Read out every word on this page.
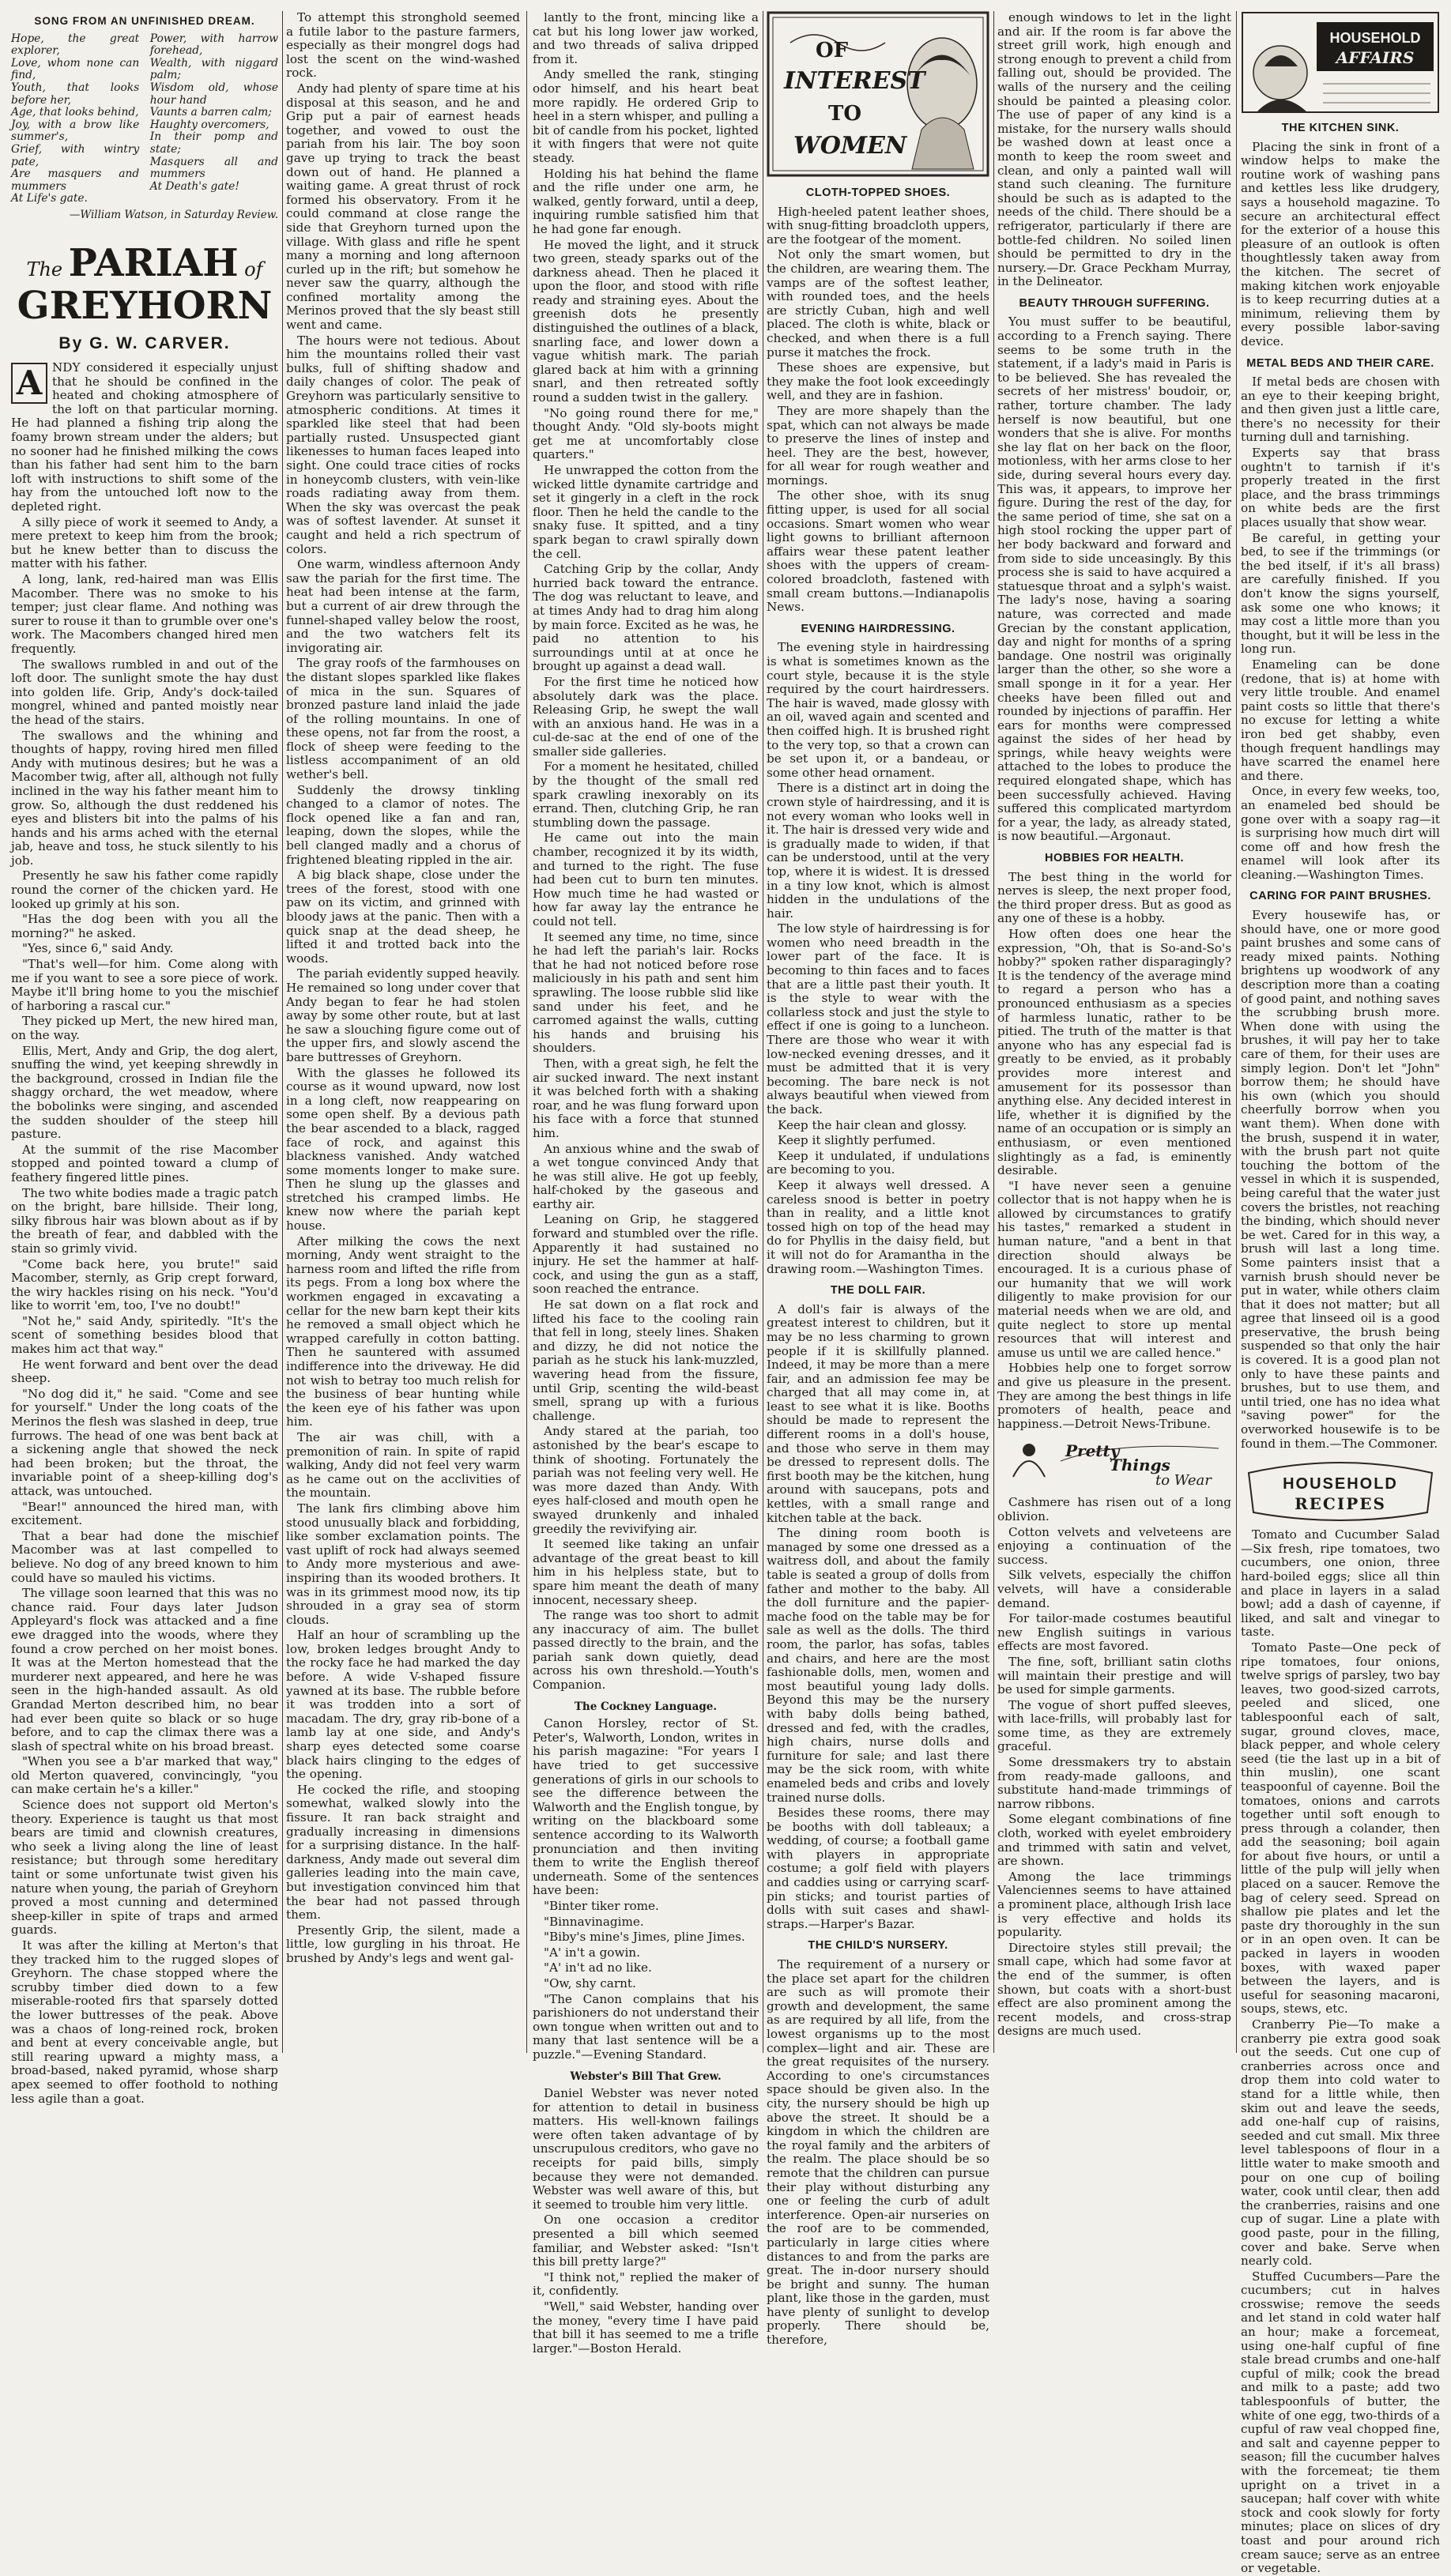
SONG FROM AN UNFINISHED DREAM.
Hope, the great explorer,
Love, whom none can find,
Youth, that looks before her,
Age, that looks behind,
Joy, with a brow like summer's,
Grief, with wintry pate,
Are masquers and mummers
At Life's gate.
Power, with harrow forehead,
Wealth, with niggard palm;
Wisdom old, whose hour hand
Vaunts a barren calm;
Haughty overcomers,
In their pomp and state;
Masquers all and mummers
At Death's gate!
—William Watson, in Saturday Review.
The PARIAH of
GREYHORN
By G. W. CARVER.
A NDY considered it especially unjust that he should be confined in the heated and choking atmosphere of the loft on that particular morning. He had planned a fishing trip along the foamy brown stream under the alders; but no sooner had he finished milking the cows than his father had sent him to the barn loft with instructions to shift some of the hay from the untouched loft now to the depleted right.

A silly piece of work it seemed to Andy, a mere pretext to keep him from the brook; but he knew better than to discuss the matter with his father.

A long, lank, red-haired man was Ellis Macomber. There was no smoke to his temper; just clear flame. And nothing was surer to rouse it than to grumble over one's work. The Macombers changed hired men frequently.

The swallows rumbled in and out of the loft door. The sunlight smote the hay dust into golden life. Grip, Andy's dock-tailed mongrel, whined and panted moistly near the head of the stairs.

The swallows and the whining and thoughts of happy, roving hired men filled Andy with mutinous desires; but he was a Macomber twig, after all, although not fully inclined in the way his father meant him to grow. So, although the dust reddened his eyes and blisters bit into the palms of his hands and his arms ached with the eternal jab, heave and toss, he stuck silently to his job.

Presently he saw his father come rapidly round the corner of the chicken yard. He looked up grimly at his son.

"Has the dog been with you all the morning?" he asked.

"Yes, since 6," said Andy.

"That's well—for him. Come along with me if you want to see a sore piece of work. Maybe it'll bring home to you the mischief of harboring a rascal cur."

They picked up Mert, the new hired man, on the way.

Ellis, Mert, Andy and Grip, the dog alert, snuffing the wind, yet keeping shrewdly in the background, crossed in Indian file the shaggy orchard, the wet meadow, where the bobolinks were singing, and ascended the sudden shoulder of the steep hill pasture.

At the summit of the rise Macomber stopped and pointed toward a clump of feathery fingered little pines.

The two white bodies made a tragic patch on the bright, bare hillside. Their long, silky fibrous hair was blown about as if by the breath of fear, and dabbled with the stain so grimly vivid.

"Come back here, you brute!" said Macomber, sternly, as Grip crept forward, the wiry hackles rising on his neck. "You'd like to worrit 'em, too, I've no doubt!"

"Not he," said Andy, spiritedly. "It's the scent of something besides blood that makes him act that way."

He went forward and bent over the dead sheep.

"No dog did it," he said. "Come and see for yourself." Under the long coats of the Merinos the flesh was slashed in deep, true furrows. The head of one was bent back at a sickening angle that showed the neck had been broken; but the throat, the invariable point of a sheep-killing dog's attack, was untouched.

"Bear!" announced the hired man, with excitement.

That a bear had done the mischief Macomber was at last compelled to believe. No dog of any breed known to him could have so mauled his victims.

The village soon learned that this was no chance raid. Four days later Judson Appleyard's flock was attacked and a fine ewe dragged into the woods, where they found a crow perched on her moist bones. It was at the Merton homestead that the murderer next appeared, and here he was seen in the high-handed assault. As old Grandad Merton described him, no bear had ever been quite so black or so huge before, and to cap the climax there was a slash of spectral white on his broad breast.

"When you see a b'ar marked that way," old Merton quavered, convincingly, "you can make certain he's a killer."

Science does not support old Merton's theory. Experience is taught us that most bears are timid and clownish creatures, who seek a living along the line of least resistance; but through some hereditary taint or some unfortunate twist given his nature when young, the pariah of Greyhorn proved a most cunning and determined sheep-killer in spite of traps and armed guards.

It was after the killing at Merton's that they tracked him to the rugged slopes of Greyhorn. The chase stopped where the scrubby timber died down to a few miserable-rooted firs that sparsely dotted the lower buttresses of the peak. Above was a chaos of long-reined rock, broken and bent at every conceivable angle, but still rearing upward a mighty mass, a broad-based, naked pyramid, whose sharp apex seemed to offer foothold to nothing less agile than a goat.

To attempt this stronghold seemed a futile labor to the pasture farmers, especially as their mongrel dogs had lost the scent on the wind-washed rock.

Andy had plenty of spare time at his disposal at this season, and he and Grip put a pair of earnest heads together, and vowed to oust the pariah from his lair. The boy soon gave up trying to track the beast down out of hand. He planned a waiting game. A great thrust of rock formed his observatory. From it he could command at close range the side that Greyhorn turned upon the village. With glass and rifle he spent many a morning and long afternoon curled up in the rift; but somehow he never saw the quarry, although the confined mortality among the Merinos proved that the sly beast still went and came.

The hours were not tedious. About him the mountains rolled their vast bulks, full of shifting shadow and daily changes of color. The peak of Greyhorn was particularly sensitive to atmospheric conditions. At times it sparkled like steel that had been partially rusted. Unsuspected giant likenesses to human faces leaped into sight. One could trace cities of rocks in honeycomb clusters, with vein-like roads radiating away from them. When the sky was overcast the peak was of softest lavender. At sunset it caught and held a rich spectrum of colors.

One warm, windless afternoon Andy saw the pariah for the first time. The heat had been intense at the farm, but a current of air drew through the funnel-shaped valley below the roost, and the two watchers felt its invigorating air.

The gray roofs of the farmhouses on the distant slopes sparkled like flakes of mica in the sun. Squares of bronzed pasture land inlaid the jade of the rolling mountains. In one of these opens, not far from the roost, a flock of sheep were feeding to the listless accompaniment of an old wether's bell.

Suddenly the drowsy tinkling changed to a clamor of notes. The flock opened like a fan and ran, leaping, down the slopes, while the bell clanged madly and a chorus of frightened bleating rippled in the air.

A big black shape, close under the trees of the forest, stood with one paw on its victim, and grinned with bloody jaws at the panic. Then with a quick snap at the dead sheep, he lifted it and trotted back into the woods.

The pariah evidently supped heavily. He remained so long under cover that Andy began to fear he had stolen away by some other route, but at last he saw a slouching figure come out of the upper firs, and slowly ascend the bare buttresses of Greyhorn.

With the glasses he followed its course as it wound upward, now lost in a long cleft, now reappearing on some open shelf. By a devious path the bear ascended to a black, ragged face of rock, and against this blackness vanished. Andy watched some moments longer to make sure. Then he slung up the glasses and stretched his cramped limbs. He knew now where the pariah kept house.

After milking the cows the next morning, Andy went straight to the harness room and lifted the rifle from its pegs. From a long box where the workmen engaged in excavating a cellar for the new barn kept their kits he removed a small object which he wrapped carefully in cotton batting. Then he sauntered with assumed indifference into the driveway. He did not wish to betray too much relish for the business of bear hunting while the keen eye of his father was upon him.

The air was chill, with a premonition of rain. In spite of rapid walking, Andy did not feel very warm as he came out on the acclivities of the mountain.

The lank firs climbing above him stood unusually black and forbidding, like somber exclamation points. The vast uplift of rock had always seemed to Andy more mysterious and awe-inspiring than its wooded brothers. It was in its grimmest mood now, its tip shrouded in a gray sea of storm clouds.

Half an hour of scrambling up the low, broken ledges brought Andy to the rocky face he had marked the day before. A wide V-shaped fissure yawned at its base. The rubble before it was trodden into a sort of macadam. The dry, gray rib-bone of a lamb lay at one side, and Andy's sharp eyes detected some coarse black hairs clinging to the edges of the opening.

He cocked the rifle, and stooping somewhat, walked slowly into the fissure. It ran back straight and gradually increasing in dimensions for a surprising distance. In the half-darkness, Andy made out several dim galleries leading into the main cave, but investigation convinced him that the bear had not passed through them.

Presently Grip, the silent, made a little, low gurgling in his throat. He brushed by Andy's legs and went gal-

lantly to the front, mincing like a cat but his long lower jaw worked, and two threads of saliva dripped from it.

Andy smelled the rank, stinging odor himself, and his heart beat more rapidly. He ordered Grip to heel in a stern whisper, and pulling a bit of candle from his pocket, lighted it with fingers that were not quite steady.

Holding his hat behind the flame and the rifle under one arm, he walked, gently forward, until a deep, inquiring rumble satisfied him that he had gone far enough.

He moved the light, and it struck two green, steady sparks out of the darkness ahead. Then he placed it upon the floor, and stood with rifle ready and straining eyes. About the greenish dots he presently distinguished the outlines of a black, snarling face, and lower down a vague whitish mark. The pariah glared back at him with a grinning snarl, and then retreated softly round a sudden twist in the gallery.

"No going round there for me," thought Andy. "Old sly-boots might get me at uncomfortably close quarters."

He unwrapped the cotton from the wicked little dynamite cartridge and set it gingerly in a cleft in the rock floor. Then he held the candle to the snaky fuse. It spitted, and a tiny spark began to crawl spirally down the cell.

Catching Grip by the collar, Andy hurried back toward the entrance. The dog was reluctant to leave, and at times Andy had to drag him along by main force. Excited as he was, he paid no attention to his surroundings until at at once he brought up against a dead wall.

For the first time he noticed how absolutely dark was the place. Releasing Grip, he swept the wall with an anxious hand. He was in a cul-de-sac at the end of one of the smaller side galleries.

For a moment he hesitated, chilled by the thought of the small red spark crawling inexorably on its errand. Then, clutching Grip, he ran stumbling down the passage.

He came out into the main chamber, recognized it by its width, and turned to the right. The fuse had been cut to burn ten minutes. How much time he had wasted or how far away lay the entrance he could not tell.

It seemed any time, no time, since he had left the pariah's lair. Rocks that he had not noticed before rose maliciously in his path and sent him sprawling. The loose rubble slid like sand under his feet, and he carromed against the walls, cutting his hands and bruising his shoulders.

Then, with a great sigh, he felt the air sucked inward. The next instant it was belched forth with a shaking roar, and he was flung forward upon his face with a force that stunned him.

An anxious whine and the swab of a wet tongue convinced Andy that he was still alive. He got up feebly, half-choked by the gaseous and earthy air.

Leaning on Grip, he staggered forward and stumbled over the rifle. Apparently it had sustained no injury. He set the hammer at half-cock, and using the gun as a staff, soon reached the entrance.

He sat down on a flat rock and lifted his face to the cooling rain that fell in long, steely lines. Shaken and dizzy, he did not notice the pariah as he stuck his lank-muzzled, wavering head from the fissure, until Grip, scenting the wild-beast smell, sprang up with a furious challenge.

Andy stared at the pariah, too astonished by the bear's escape to think of shooting. Fortunately the pariah was not feeling very well. He was more dazed than Andy. With eyes half-closed and mouth open he swayed drunkenly and inhaled greedily the revivifying air.

It seemed like taking an unfair advantage of the great beast to kill him in his helpless state, but to spare him meant the death of many innocent, necessary sheep.

The range was too short to admit any inaccuracy of aim. The bullet passed directly to the brain, and the pariah sank down quietly, dead across his own threshold.—Youth's Companion.

The Cockney Language.

Canon Horsley, rector of St. Peter's, Walworth, London, writes in his parish magazine: "For years I have tried to get successive generations of girls in our schools to see the difference between the Walworth and the English tongue, by writing on the blackboard some sentence according to its Walworth pronunciation and then inviting them to write the English thereof underneath. Some of the sentences have been:

"Binter tiker rome.

"Binnavinagime.

"Biby's mine's Jimes, pline Jimes.

"A' in't a gowin.

"A' in't ad no like.

"Ow, shy carnt.

"The Canon complains that his parishioners do not understand their own tongue when written out and to many that last sentence will be a puzzle."—Evening Standard.

Webster's Bill That Grew.

Daniel Webster was never noted for attention to detail in business matters. His well-known failings were often taken advantage of by unscrupulous creditors, who gave no receipts for paid bills, simply because they were not demanded. Webster was well aware of this, but it seemed to trouble him very little.

On one occasion a creditor presented a bill which seemed familiar, and Webster asked: "Isn't this bill pretty large?"

"I think not," replied the maker of it, confidently.

"Well," said Webster, handing over the money, "every time I have paid that bill it has seemed to me a trifle larger."—Boston Herald.

OF
INTEREST
TO
WOMEN
CLOTH-TOPPED SHOES.

High-heeled patent leather shoes, with snug-fitting broadcloth uppers, are the footgear of the moment.

Not only the smart women, but the children, are wearing them. The vamps are of the softest leather, with rounded toes, and the heels are strictly Cuban, high and well placed. The cloth is white, black or checked, and when there is a full purse it matches the frock.

These shoes are expensive, but they make the foot look exceedingly well, and they are in fashion.

They are more shapely than the spat, which can not always be made to preserve the lines of instep and heel. They are the best, however, for all wear for rough weather and mornings.

The other shoe, with its snug fitting upper, is used for all social occasions. Smart women who wear light gowns to brilliant afternoon affairs wear these patent leather shoes with the uppers of cream-colored broadcloth, fastened with small cream buttons.—Indianapolis News.

EVENING HAIRDRESSING.

The evening style in hairdressing is what is sometimes known as the court style, because it is the style required by the court hairdressers. The hair is waved, made glossy with an oil, waved again and scented and then coiffed high. It is brushed right to the very top, so that a crown can be set upon it, or a bandeau, or some other head ornament.

There is a distinct art in doing the crown style of hairdressing, and it is not every woman who looks well in it. The hair is dressed very wide and is gradually made to widen, if that can be understood, until at the very top, where it is widest. It is dressed in a tiny low knot, which is almost hidden in the undulations of the hair.

The low style of hairdressing is for women who need breadth in the lower part of the face. It is becoming to thin faces and to faces that are a little past their youth. It is the style to wear with the collarless stock and just the style to effect if one is going to a luncheon. There are those who wear it with low-necked evening dresses, and it must be admitted that it is very becoming. The bare neck is not always beautiful when viewed from the back.

Keep the hair clean and glossy.

Keep it slightly perfumed.

Keep it undulated, if undulations are becoming to you.

Keep it always well dressed. A careless snood is better in poetry than in reality, and a little knot tossed high on top of the head may do for Phyllis in the daisy field, but it will not do for Aramantha in the drawing room.—Washington Times.

THE DOLL FAIR.

A doll's fair is always of the greatest interest to children, but it may be no less charming to grown people if it is skillfully planned. Indeed, it may be more than a mere fair, and an admission fee may be charged that all may come in, at least to see what it is like. Booths should be made to represent the different rooms in a doll's house, and those who serve in them may be dressed to represent dolls. The first booth may be the kitchen, hung around with saucepans, pots and kettles, with a small range and kitchen table at the back.

The dining room booth is managed by some one dressed as a waitress doll, and about the family table is seated a group of dolls from father and mother to the baby. All the doll furniture and the papier-mache food on the table may be for sale as well as the dolls. The third room, the parlor, has sofas, tables and chairs, and here are the most fashionable dolls, men, women and most beautiful young lady dolls. Beyond this may be the nursery with baby dolls being bathed, dressed and fed, with the cradles, high chairs, nurse dolls and furniture for sale; and last there may be the sick room, with white enameled beds and cribs and lovely trained nurse dolls.

Besides these rooms, there may be booths with doll tableaux; a wedding, of course; a football game with players in appropriate costume; a golf field with players and caddies using or carrying scarf-pin sticks; and tourist parties of dolls with suit cases and shawl-straps.—Harper's Bazar.

THE CHILD'S NURSERY.

The requirement of a nursery or the place set apart for the children are such as will promote their growth and development, the same as are required by all life, from the lowest organisms up to the most complex—light and air. These are the great requisites of the nursery. According to one's circumstances space should be given also. In the city, the nursery should be high up above the street. It should be a kingdom in which the children are the royal family and the arbiters of the realm. The place should be so remote that the children can pursue their play without disturbing any one or feeling the curb of adult interference. Open-air nurseries on the roof are to be commended, particularly in large cities where distances to and from the parks are great. The in-door nursery should be bright and sunny. The human plant, like those in the garden, must have plenty of sunlight to develop properly. There should be, therefore,

enough windows to let in the light and air. If the room is far above the street grill work, high enough and strong enough to prevent a child from falling out, should be provided. The walls of the nursery and the ceiling should be painted a pleasing color. The use of paper of any kind is a mistake, for the nursery walls should be washed down at least once a month to keep the room sweet and clean, and only a painted wall will stand such cleaning. The furniture should be such as is adapted to the needs of the child. There should be a refrigerator, particularly if there are bottle-fed children. No soiled linen should be permitted to dry in the nursery.—Dr. Grace Peckham Murray, in the Delineator.

BEAUTY THROUGH SUFFERING.

You must suffer to be beautiful, according to a French saying. There seems to be some truth in the statement, if a lady's maid in Paris is to be believed. She has revealed the secrets of her mistress' boudoir, or, rather, torture chamber. The lady herself is now beautiful, but one wonders that she is alive. For months she lay flat on her back on the floor, motionless, with her arms close to her side, during several hours every day. This was, it appears, to improve her figure. During the rest of the day, for the same period of time, she sat on a high stool rocking the upper part of her body backward and forward and from side to side unceasingly. By this process she is said to have acquired a statuesque throat and a sylph's waist. The lady's nose, having a soaring nature, was corrected and made Grecian by the constant application, day and night for months of a spring bandage. One nostril was originally larger than the other, so she wore a small sponge in it for a year. Her cheeks have been filled out and rounded by injections of paraffin. Her ears for months were compressed against the sides of her head by springs, while heavy weights were attached to the lobes to produce the required elongated shape, which has been successfully achieved. Having suffered this complicated martyrdom for a year, the lady, as already stated, is now beautiful.—Argonaut.

HOBBIES FOR HEALTH.

The best thing in the world for nerves is sleep, the next proper food, the third proper dress. But as good as any one of these is a hobby.

How often does one hear the expression, "Oh, that is So-and-So's hobby?" spoken rather disparagingly? It is the tendency of the average mind to regard a person who has a pronounced enthusiasm as a species of harmless lunatic, rather to be pitied. The truth of the matter is that anyone who has any especial fad is greatly to be envied, as it probably provides more interest and amusement for its possessor than anything else. Any decided interest in life, whether it is dignified by the name of an occupation or is simply an enthusiasm, or even mentioned slightingly as a fad, is eminently desirable.

"I have never seen a genuine collector that is not happy when he is allowed by circumstances to gratify his tastes," remarked a student in human nature, "and a bent in that direction should always be encouraged. It is a curious phase of our humanity that we will work diligently to make provision for our material needs when we are old, and quite neglect to store up mental resources that will interest and amuse us until we are called hence."

Hobbies help one to forget sorrow and give us pleasure in the present. They are among the best things in life promoters of health, peace and happiness.—Detroit News-Tribune.

Pretty
Things
to Wear

Cashmere has risen out of a long oblivion.

Cotton velvets and velveteens are enjoying a continuation of the success.

Silk velvets, especially the chiffon velvets, will have a considerable demand.

For tailor-made costumes beautiful new English suitings in various effects are most favored.

The fine, soft, brilliant satin cloths will maintain their prestige and will be used for simple garments.

The vogue of short puffed sleeves, with lace-frills, will probably last for some time, as they are extremely graceful.

Some dressmakers try to abstain from ready-made galloons, and substitute hand-made trimmings of narrow ribbons.

Some elegant combinations of fine cloth, worked with eyelet embroidery and trimmed with satin and velvet, are shown.

Among the lace trimmings Valenciennes seems to have attained a prominent place, although Irish lace is very effective and holds its popularity.

Directoire styles still prevail; the small cape, which had some favor at the end of the summer, is often shown, but coats with a short-bust effect are also prominent among the recent models, and cross-strap designs are much used.

HOUSEHOLD
AFFAIRS
THE KITCHEN SINK.

Placing the sink in front of a window helps to make the routine work of washing pans and kettles less like drudgery, says a household magazine. To secure an architectural effect for the exterior of a house this pleasure of an outlook is often thoughtlessly taken away from the kitchen. The secret of making kitchen work enjoyable is to keep recurring duties at a minimum, relieving them by every possible labor-saving device.

METAL BEDS AND THEIR CARE.

If metal beds are chosen with an eye to their keeping bright, and then given just a little care, there's no necessity for their turning dull and tarnishing.

Experts say that brass oughtn't to tarnish if it's properly treated in the first place, and the brass trimmings on white beds are the first places usually that show wear.

Be careful, in getting your bed, to see if the trimmings (or the bed itself, if it's all brass) are carefully finished. If you don't know the signs yourself, ask some one who knows; it may cost a little more than you thought, but it will be less in the long run.

Enameling can be done (redone, that is) at home with very little trouble. And enamel paint costs so little that there's no excuse for letting a white iron bed get shabby, even though frequent handlings may have scarred the enamel here and there.

Once, in every few weeks, too, an enameled bed should be gone over with a soapy rag—it is surprising how much dirt will come off and how fresh the enamel will look after its cleaning.—Washington Times.

CARING FOR PAINT BRUSHES.

Every housewife has, or should have, one or more good paint brushes and some cans of ready mixed paints. Nothing brightens up woodwork of any description more than a coating of good paint, and nothing saves the scrubbing brush more. When done with using the brushes, it will pay her to take care of them, for their uses are simply legion. Don't let "John" borrow them; he should have his own (which you should cheerfully borrow when you want them). When done with the brush, suspend it in water, with the brush part not quite touching the bottom of the vessel in which it is suspended, being careful that the water just covers the bristles, not reaching the binding, which should never be wet. Cared for in this way, a brush will last a long time. Some painters insist that a varnish brush should never be put in water, while others claim that it does not matter; but all agree that linseed oil is a good preservative, the brush being suspended so that only the hair is covered. It is a good plan not only to have these paints and brushes, but to use them, and until tried, one has no idea what "saving power" for the overworked housewife is to be found in them.—The Commoner.

HOUSEHOLD
RECIPES

Tomato and Cucumber Salad—Six fresh, ripe tomatoes, two cucumbers, one onion, three hard-boiled eggs; slice all thin and place in layers in a salad bowl; add a dash of cayenne, if liked, and salt and vinegar to taste.

Tomato Paste—One peck of ripe tomatoes, four onions, twelve sprigs of parsley, two bay leaves, two good-sized carrots, peeled and sliced, one tablespoonful each of salt, sugar, ground cloves, mace, black pepper, and whole celery seed (tie the last up in a bit of thin muslin), one scant teaspoonful of cayenne. Boil the tomatoes, onions and carrots together until soft enough to press through a colander, then add the seasoning; boil again for about five hours, or until a little of the pulp will jelly when placed on a saucer. Remove the bag of celery seed. Spread on shallow pie plates and let the paste dry thoroughly in the sun or in an open oven. It can be packed in layers in wooden boxes, with waxed paper between the layers, and is useful for seasoning macaroni, soups, stews, etc.

Cranberry Pie—To make a cranberry pie extra good soak out the seeds. Cut one cup of cranberries across once and drop them into cold water to stand for a little while, then skim out and leave the seeds, add one-half cup of raisins, seeded and cut small. Mix three level tablespoons of flour in a little water to make smooth and pour on one cup of boiling water, cook until clear, then add the cranberries, raisins and one cup of sugar. Line a plate with good paste, pour in the filling, cover and bake. Serve when nearly cold.

Stuffed Cucumbers—Pare the cucumbers; cut in halves crosswise; remove the seeds and let stand in cold water half an hour; make a forcemeat, using one-half cupful of fine stale bread crumbs and one-half cupful of milk; cook the bread and milk to a paste; add two tablespoonfuls of butter, the white of one egg, two-thirds of a cupful of raw veal chopped fine, and salt and cayenne pepper to season; fill the cucumber halves with the forcemeat; tie them upright on a trivet in a saucepan; half cover with white stock and cook slowly for forty minutes; place on slices of dry toast and pour around rich cream sauce; serve as an entree or vegetable.
